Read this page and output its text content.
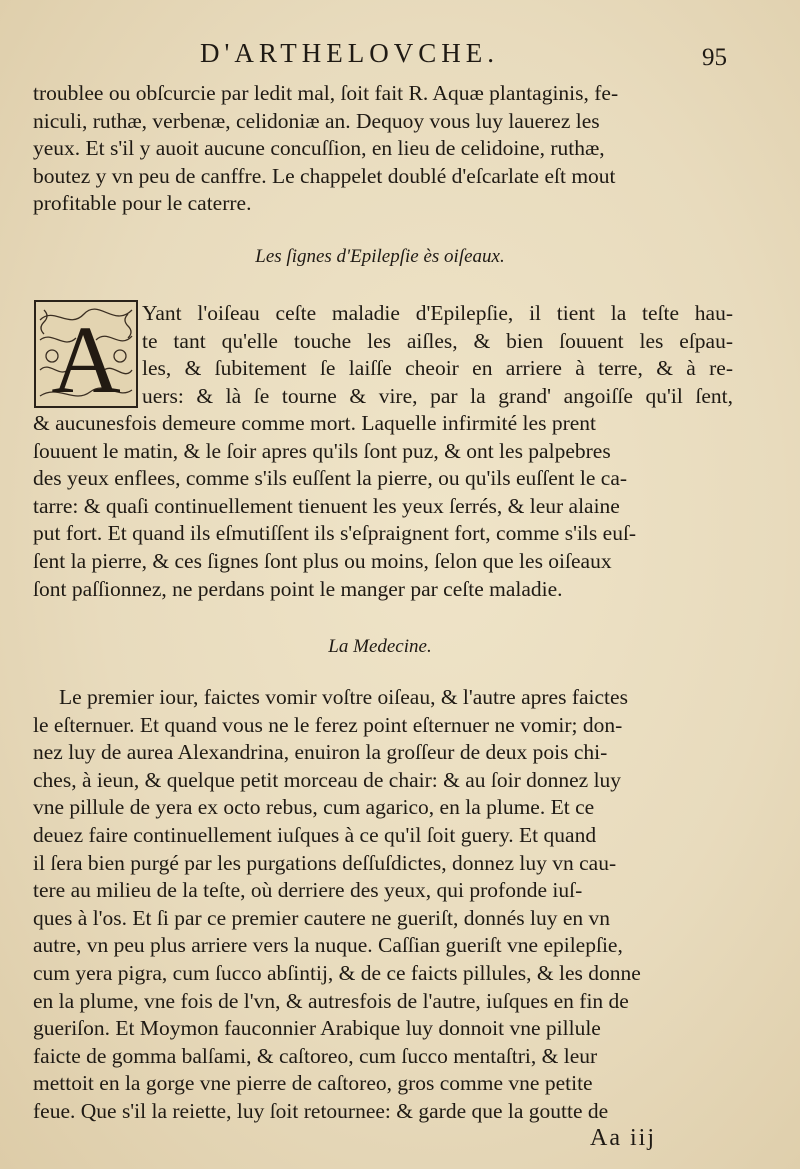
D'ARTHELOVCHE.	95

troublee ou obſcurcie par ledit mal, ſoit fait R. Aquæ plantaginis, fe-
niculi, ruthæ, verbenæ, celidoniæ an. Dequoy vous luy lauerez les
yeux. Et s'il y auoit aucune concuſſion, en lieu de celidoine, ruthæ,
boutez y vn peu de canffre. Le chappelet doublé d'eſcarlate eſt mout
profitable pour le caterre.

Les ſignes d'Epilepſie ès oiſeaux.
A Yant l'oiſeau ceſte maladie d'Epilepſie, il tient la teſte hau-
te tant qu'elle touche les aiſles, & bien ſouuent les eſpau-
les, & ſubitement ſe laiſſe cheoir en arriere à terre, & à re-
uers: & là ſe tourne & vire, par la grand' angoiſſe qu'il ſent,

& aucunesfois demeure comme mort. Laquelle infirmité les prent
ſouuent le matin, & le ſoir apres qu'ils ſont puz, & ont les palpebres
des yeux enflees, comme s'ils euſſent la pierre, ou qu'ils euſſent le ca-
tarre: & quaſi continuellement tienuent les yeux ſerrés, & leur alaine
put fort. Et quand ils eſmutiſſent ils s'eſpraignent fort, comme s'ils euſ-
ſent la pierre, & ces ſignes ſont plus ou moins, ſelon que les oiſeaux
ſont paſſionnez, ne perdans point le manger par ceſte maladie.

La Medecine.

Le premier iour, faictes vomir voſtre oiſeau, & l'autre apres faictes
le eſternuer. Et quand vous ne le ferez point eſternuer ne vomir; don-
nez luy de aurea Alexandrina, enuiron la groſſeur de deux pois chi-
ches, à ieun, & quelque petit morceau de chair: & au ſoir donnez luy
vne pillule de yera ex octo rebus, cum agarico, en la plume. Et ce
deuez faire continuellement iuſques à ce qu'il ſoit guery. Et quand
il ſera bien purgé par les purgations deſſuſdictes, donnez luy vn cau-
tere au milieu de la teſte, où derriere des yeux, qui profonde iuſ-
ques à l'os. Et ſi par ce premier cautere ne gueriſt, donnés luy en vn
autre, vn peu plus arriere vers la nuque. Caſſian gueriſt vne epilepſie,
cum yera pigra, cum ſucco abſintij, & de ce faicts pillules, & les donne
en la plume, vne fois de l'vn, & autresfois de l'autre, iuſques en fin de
gueriſon. Et Moymon fauconnier Arabique luy donnoit vne pillule
faicte de gomma balſami, & caſtoreo, cum ſucco mentaſtri, & leur
mettoit en la gorge vne pierre de caſtoreo, gros comme vne petite
feue. Que s'il la reiette, luy ſoit retournee: & garde que la goutte de

Aa iij
